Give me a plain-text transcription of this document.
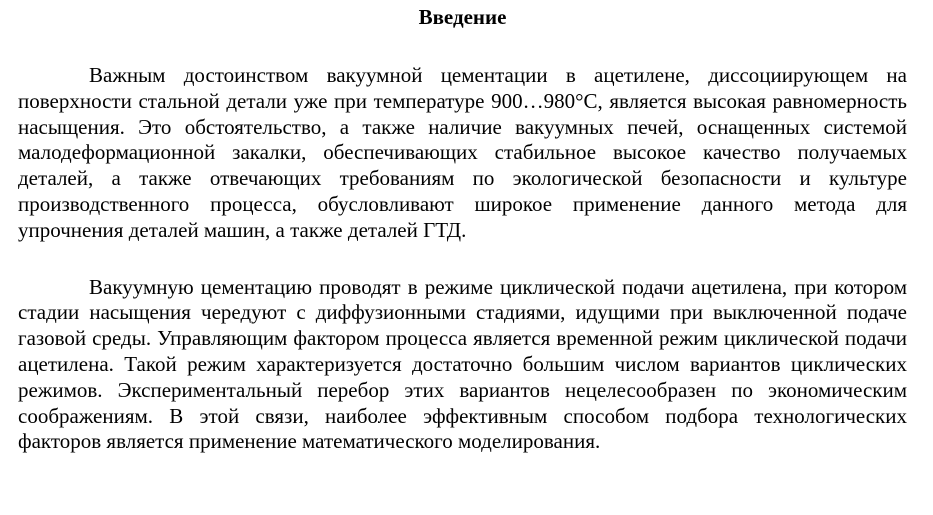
Введение

Важным достоинством вакуумной цементации в ацетилене, диссоциирующем на поверхности стальной детали уже при температуре 900…980°С, является высокая равномерность насыщения. Это обстоятельство, а также наличие вакуумных печей, оснащенных системой малодеформационной закалки, обеспечивающих стабильное высокое качество получаемых деталей, а также отвечающих требованиям по экологической безопасности и культуре производственного процесса, обусловливают широкое применение данного метода для упрочнения деталей машин, а также деталей ГТД.

Вакуумную цементацию проводят в режиме циклической подачи ацетилена, при котором стадии насыщения чередуют с диффузионными стадиями, идущими при выключенной подаче газовой среды. Управляющим фактором процесса является временной режим циклической подачи ацетилена. Такой режим характеризуется достаточно большим числом вариантов циклических режимов. Экспериментальный перебор этих вариантов нецелесообразен по экономическим соображениям. В этой связи, наиболее эффективным способом подбора технологических факторов является применение математического моделирования.
